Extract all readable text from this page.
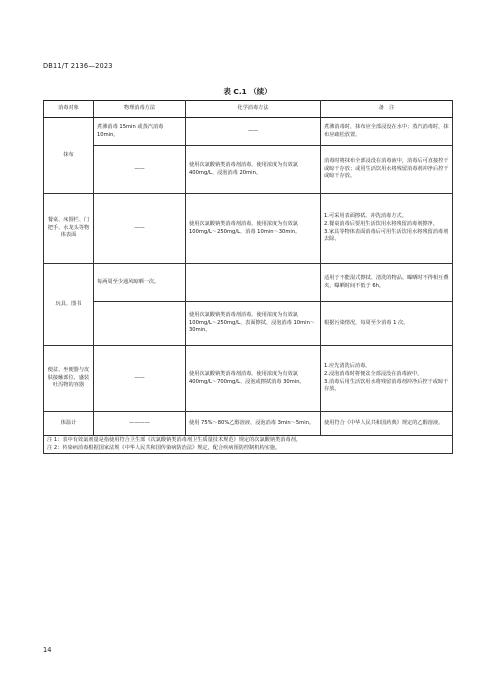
DB11/T 2136—2023
表 C.1 （续）
消毒对象	物理消毒方法	化学消毒方法	备　注
抹布	煮沸消毒 15min 或蒸汽消毒 10min。	——	煮沸消毒时，抹布应全部浸没在水中；蒸汽消毒时，抹布应疏松放置。
	——	使用次氯酸钠类消毒剂消毒。使用浓度为有效氯 400mg/L、浸泡消毒 20min。	消毒时将抹布全部浸没在消毒液中，消毒后可直接控干或晾干存放；或用生活饮用水将残留消毒剂冲净后控干或晾干存放。
餐桌、床围栏、门把手、水龙头等物体表面	——	使用次氯酸钠类消毒剂消毒。使用浓度为有效氯 100mg/L～250mg/L、消毒 10min～30min。	1.可采用表面擦拭、冲洗消毒方式。
2.餐桌消毒后要用生活饮用水将残留消毒剂擦净。
3.家具等物体表面消毒后可用生活饮用水将残留消毒剂去除。

玩具、图书	每两周至少通风晾晒一次。		适用于不能湿式擦拭、清洗的物品。曝晒时不得相互叠夹，曝晒时间不低于 6h。
		使用次氯酸钠类消毒剂消毒。使用浓度为有效氯 100mg/L～250mg/L、表面擦拭、浸泡消毒 10min～30min。	根据污染情况，每周至少消毒 1 次。
便盆、坐便器与皮肤接触部位、盛装吐泻物的容器	——	使用次氯酸钠类消毒剂消毒。使用浓度为有效氯 400mg/L～700mg/L、浸泡或擦拭消毒 30min。	1.应先清洗后消毒。
2.浸泡消毒时将便盆全部浸没在消毒液中。
3.消毒后用生活饮用水将残留消毒剂冲净后控干或晾干存放。

体温计	————	使用 75%～80%乙醇溶液、浸泡消毒 3min～5min。	使用符合《中华人民共和国药典》规定的乙醇溶液。

注 1：表中有效氯剂量是指使用符合卫生部《次氯酸钠类消毒剂卫生质量技术规范》规定的次氯酸钠类消毒剂。
注 2：传染病消毒根据国家法规《中华人民共和国传染病防治法》规定，配合疾病预防控制机构实施。			
14
